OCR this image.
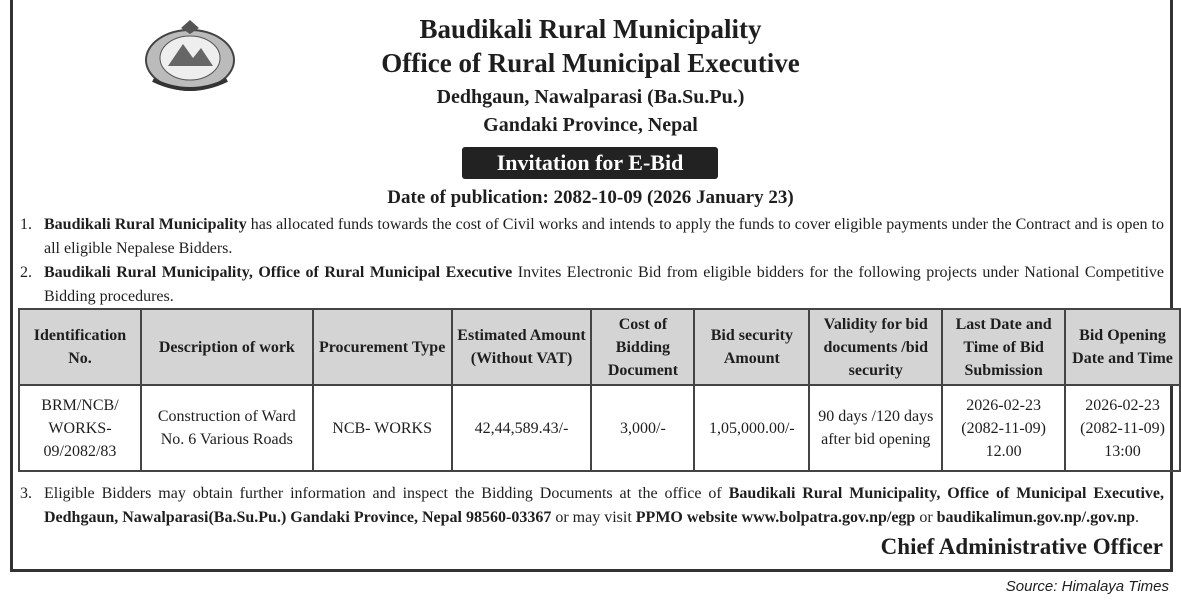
Baudikali Rural Municipality
Office of Rural Municipal Executive
Dedhgaun, Nawalparasi (Ba.Su.Pu.)
Gandaki Province, Nepal
Invitation for E-Bid
Date of publication: 2082-10-09 (2026 January 23)
1. Baudikali Rural Municipality has allocated funds towards the cost of Civil works and intends to apply the funds to cover eligible payments under the Contract and is open to all eligible Nepalese Bidders.
2. Baudikali Rural Municipality, Office of Rural Municipal Executive Invites Electronic Bid from eligible bidders for the following projects under National Competitive Bidding procedures.
Identification No.	Description of work	Procurement Type	Estimated Amount (Without VAT)	Cost of Bidding Document	Bid security Amount	Validity for bid documents /bid security	Last Date and Time of Bid Submission	Bid Opening Date and Time
BRM/NCB/ WORKS- 09/2082/83	Construction of Ward No. 6 Various Roads	NCB- WORKS	42,44,589.43/-	3,000/-	1,05,000.00/-	90 days /120 days after bid opening	2026-02-23 (2082-11-09) 12.00	2026-02-23 (2082-11-09) 13:00
3. Eligible Bidders may obtain further information and inspect the Bidding Documents at the office of Baudikali Rural Municipality, Office of Municipal Executive, Dedhgaun, Nawalparasi(Ba.Su.Pu.) Gandaki Province, Nepal 98560-03367 or may visit PPMO website www.bolpatra.gov.np/egp or baudikalimun.gov.np/.gov.np.
Chief Administrative Officer
Source: Himalaya Times
